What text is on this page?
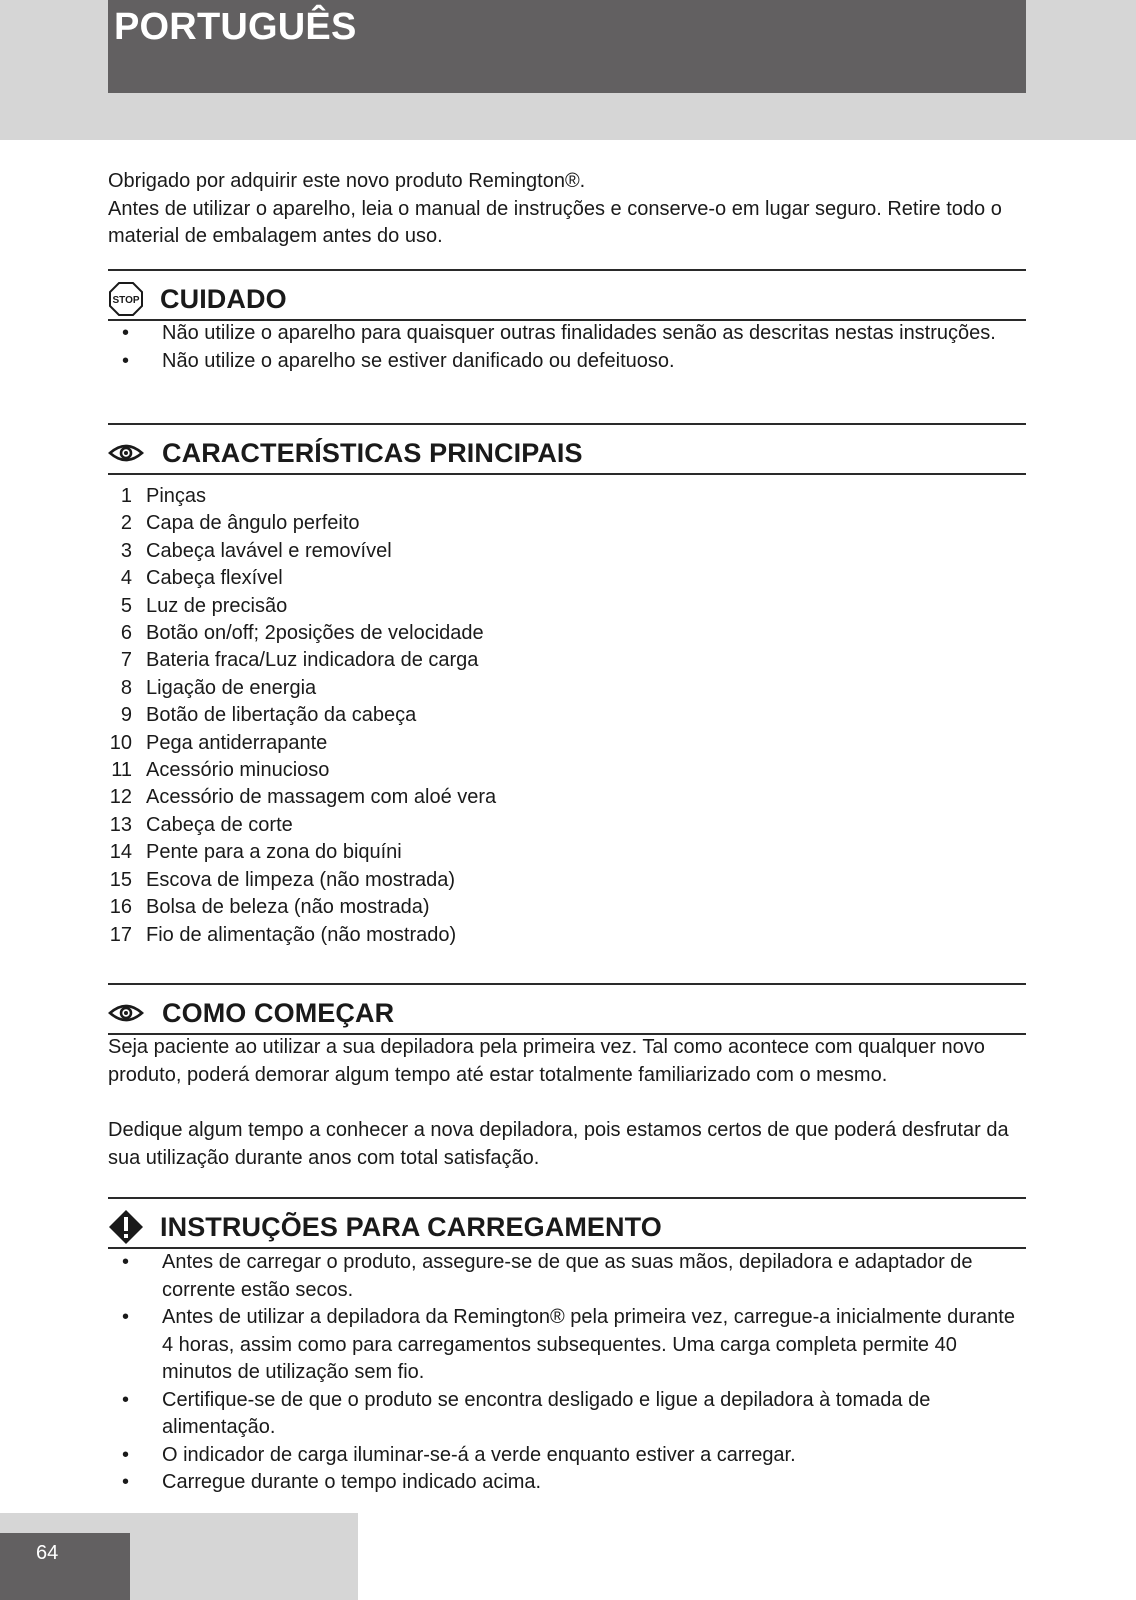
PORTUGUÊS
Obrigado por adquirir este novo produto Remington®.
Antes de utilizar o aparelho, leia o manual de instruções e conserve-o em lugar seguro. Retire todo o material de embalagem antes do uso.
STOP CUIDADO
• Não utilize o aparelho para quaisquer outras finalidades senão as descritas nestas instruções.
• Não utilize o aparelho se estiver danificado ou defeituoso.
CARACTERÍSTICAS PRINCIPAIS
1 Pinças
2 Capa de ângulo perfeito
3 Cabeça lavável e removível
4 Cabeça flexível
5 Luz de precisão
6 Botão on/off; 2posições de velocidade
7 Bateria fraca/Luz indicadora de carga
8 Ligação de energia
9 Botão de libertação da cabeça
10 Pega antiderrapante
11 Acessório minucioso
12 Acessório de massagem com aloé vera
13 Cabeça de corte
14 Pente para a zona do biquíni
15 Escova de limpeza (não mostrada)
16 Bolsa de beleza (não mostrada)
17 Fio de alimentação (não mostrado)
COMO COMEÇAR

Seja paciente ao utilizar a sua depiladora pela primeira vez. Tal como acontece com qualquer novo produto, poderá demorar algum tempo até estar totalmente familiarizado com o mesmo.

Dedique algum tempo a conhecer a nova depiladora, pois estamos certos de que poderá desfrutar da sua utilização durante anos com total satisfação.

INSTRUÇÕES PARA CARREGAMENTO
• Antes de carregar o produto, assegure-se de que as suas mãos, depiladora e adaptador de corrente estão secos.
• Antes de utilizar a depiladora da Remington® pela primeira vez, carregue-a inicialmente durante 4 horas, assim como para carregamentos subsequentes. Uma carga completa permite 40 minutos de utilização sem fio.
• Certifique-se de que o produto se encontra desligado e ligue a depiladora à tomada de alimentação.
• O indicador de carga iluminar-se-á a verde enquanto estiver a carregar.
• Carregue durante o tempo indicado acima.
64
